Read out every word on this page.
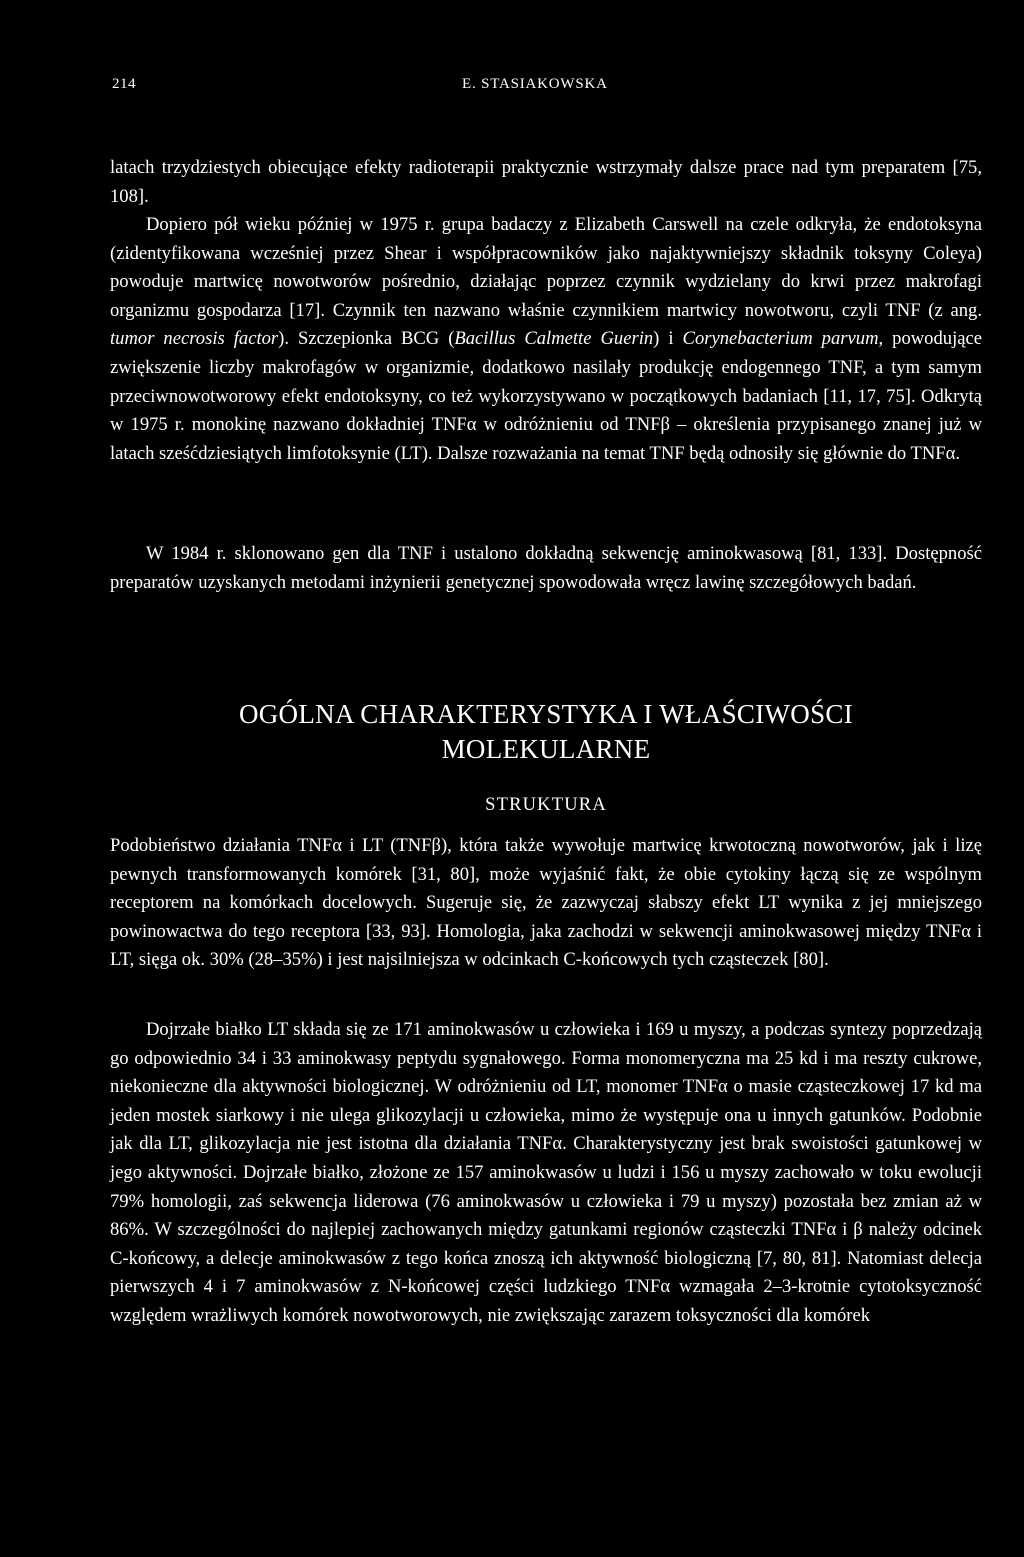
214	E. STASIAKOWSKA

latach trzydziestych obiecujące efekty radioterapii praktycznie wstrzymały dalsze prace nad tym preparatem [75, 108].

Dopiero pół wieku później w 1975 r. grupa badaczy z Elizabeth Carswell na czele odkryła, że endotoksyna (zidentyfikowana wcześniej przez Shear i współpracowników jako najaktywniejszy składnik toksyny Coleya) powoduje martwicę nowotworów pośrednio, działając poprzez czynnik wydzielany do krwi przez makrofagi organizmu gospodarza [17]. Czynnik ten nazwano właśnie czynnikiem martwicy nowotworu, czyli TNF (z ang. tumor necrosis factor). Szczepionka BCG (Bacillus Calmette Guerin) i Corynebacterium parvum, powodujące zwiększenie liczby makrofagów w organizmie, dodatkowo nasilały produkcję endogennego TNF, a tym samym przeciwnowotworowy efekt endotoksyny, co też wykorzystywano w początkowych badaniach [11, 17, 75]. Odkrytą w 1975 r. monokinę nazwano dokładniej TNFα w odróżnieniu od TNFβ – określenia przypisanego znanej już w latach sześćdziesiątych limfotoksynie (LT). Dalsze rozważania na temat TNF będą odnosiły się głównie do TNFα.

W 1984 r. sklonowano gen dla TNF i ustalono dokładną sekwencję aminokwasową [81, 133]. Dostępność preparatów uzyskanych metodami inżynierii genetycznej spowodowała wręcz lawinę szczegółowych badań.

OGÓLNA CHARAKTERYSTYKA I WŁAŚCIWOŚCI
MOLEKULARNE
STRUKTURA

Podobieństwo działania TNFα i LT (TNFβ), która także wywołuje martwicę krwotoczną nowotworów, jak i lizę pewnych transformowanych komórek [31, 80], może wyjaśnić fakt, że obie cytokiny łączą się ze wspólnym receptorem na komórkach docelowych. Sugeruje się, że zazwyczaj słabszy efekt LT wynika z jej mniejszego powinowactwa do tego receptora [33, 93]. Homologia, jaka zachodzi w sekwencji aminokwasowej między TNFα i LT, sięga ok. 30% (28–35%) i jest najsilniejsza w odcinkach C-końcowych tych cząsteczek [80].

Dojrzałe białko LT składa się ze 171 aminokwasów u człowieka i 169 u myszy, a podczas syntezy poprzedzają go odpowiednio 34 i 33 aminokwasy peptydu sygnałowego. Forma monomeryczna ma 25 kd i ma reszty cukrowe, niekonieczne dla aktywności biologicznej. W odróżnieniu od LT, monomer TNFα o masie cząsteczkowej 17 kd ma jeden mostek siarkowy i nie ulega glikozylacji u człowieka, mimo że występuje ona u innych gatunków. Podobnie jak dla LT, glikozylacja nie jest istotna dla działania TNFα. Charakterystyczny jest brak swoistości gatunkowej w jego aktywności. Dojrzałe białko, złożone ze 157 aminokwasów u ludzi i 156 u myszy zachowało w toku ewolucji 79% homologii, zaś sekwencja liderowa (76 aminokwasów u człowieka i 79 u myszy) pozostała bez zmian aż w 86%. W szczególności do najlepiej zachowanych między gatunkami regionów cząsteczki TNFα i β należy odcinek C-końcowy, a delecje aminokwasów z tego końca znoszą ich aktywność biologiczną [7, 80, 81]. Natomiast delecja pierwszych 4 i 7 aminokwasów z N-końcowej części ludzkiego TNFα wzmagała 2–3-krotnie cytotoksyczność względem wrażliwych komórek nowotworowych, nie zwiększając zarazem toksyczności dla komórek
